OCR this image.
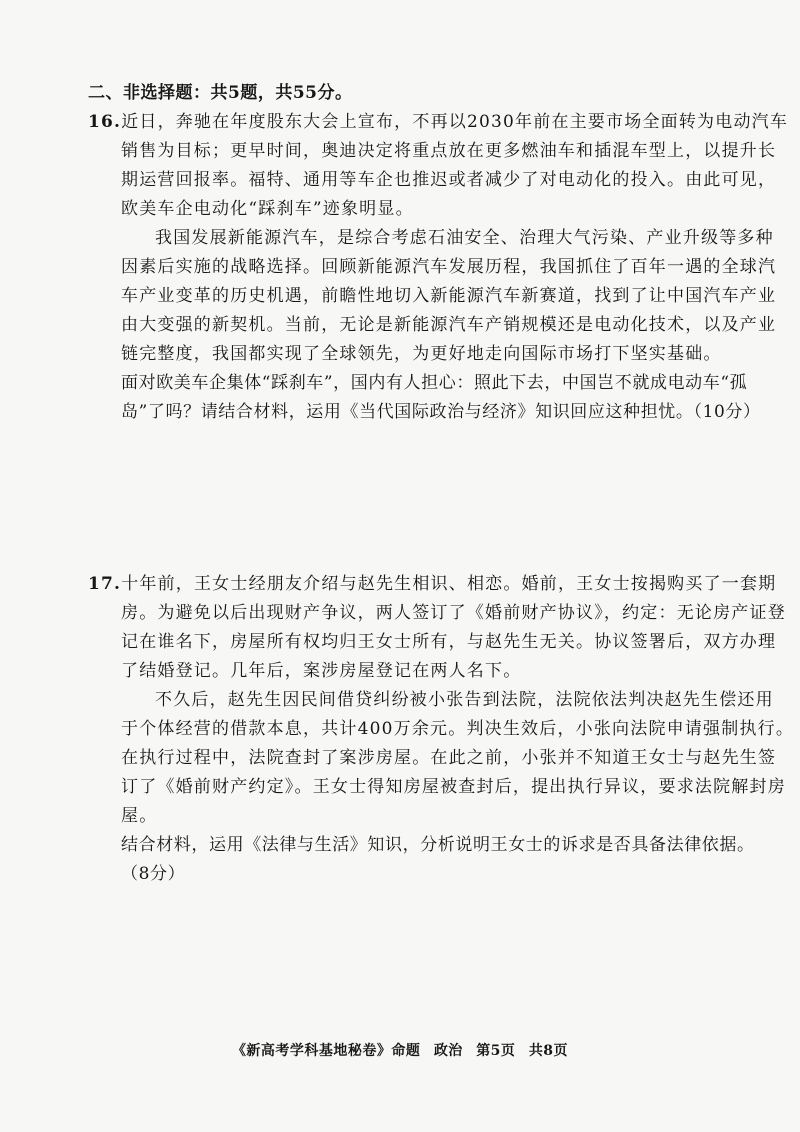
二、非选择题：共5题，共55分。
16.近日，奔驰在年度股东大会上宣布，不再以2030年前在主要市场全面转为电动汽车
销售为目标；更早时间，奥迪决定将重点放在更多燃油车和插混车型上，以提升长
期运营回报率。福特、通用等车企也推迟或者减少了对电动化的投入。由此可见，
欧美车企电动化“踩刹车”迹象明显。
我国发展新能源汽车，是综合考虑石油安全、治理大气污染、产业升级等多种
因素后实施的战略选择。回顾新能源汽车发展历程，我国抓住了百年一遇的全球汽
车产业变革的历史机遇，前瞻性地切入新能源汽车新赛道，找到了让中国汽车产业
由大变强的新契机。当前，无论是新能源汽车产销规模还是电动化技术，以及产业
链完整度，我国都实现了全球领先，为更好地走向国际市场打下坚实基础。
面对欧美车企集体“踩刹车”，国内有人担心：照此下去，中国岂不就成电动车“孤
岛”了吗？请结合材料，运用《当代国际政治与经济》知识回应这种担忧。（10分）
17.十年前，王女士经朋友介绍与赵先生相识、相恋。婚前，王女士按揭购买了一套期
房。为避免以后出现财产争议，两人签订了《婚前财产协议》，约定：无论房产证登
记在谁名下，房屋所有权均归王女士所有，与赵先生无关。协议签署后，双方办理
了结婚登记。几年后，案涉房屋登记在两人名下。
不久后，赵先生因民间借贷纠纷被小张告到法院，法院依法判决赵先生偿还用
于个体经营的借款本息，共计400万余元。判决生效后，小张向法院申请强制执行。
在执行过程中，法院查封了案涉房屋。在此之前，小张并不知道王女士与赵先生签
订了《婚前财产约定》。王女士得知房屋被查封后，提出执行异议，要求法院解封房
屋。
结合材料，运用《法律与生活》知识，分析说明王女士的诉求是否具备法律依据。
（8分）
《新高考学科基地秘卷》命题 政治 第5页 共8页
